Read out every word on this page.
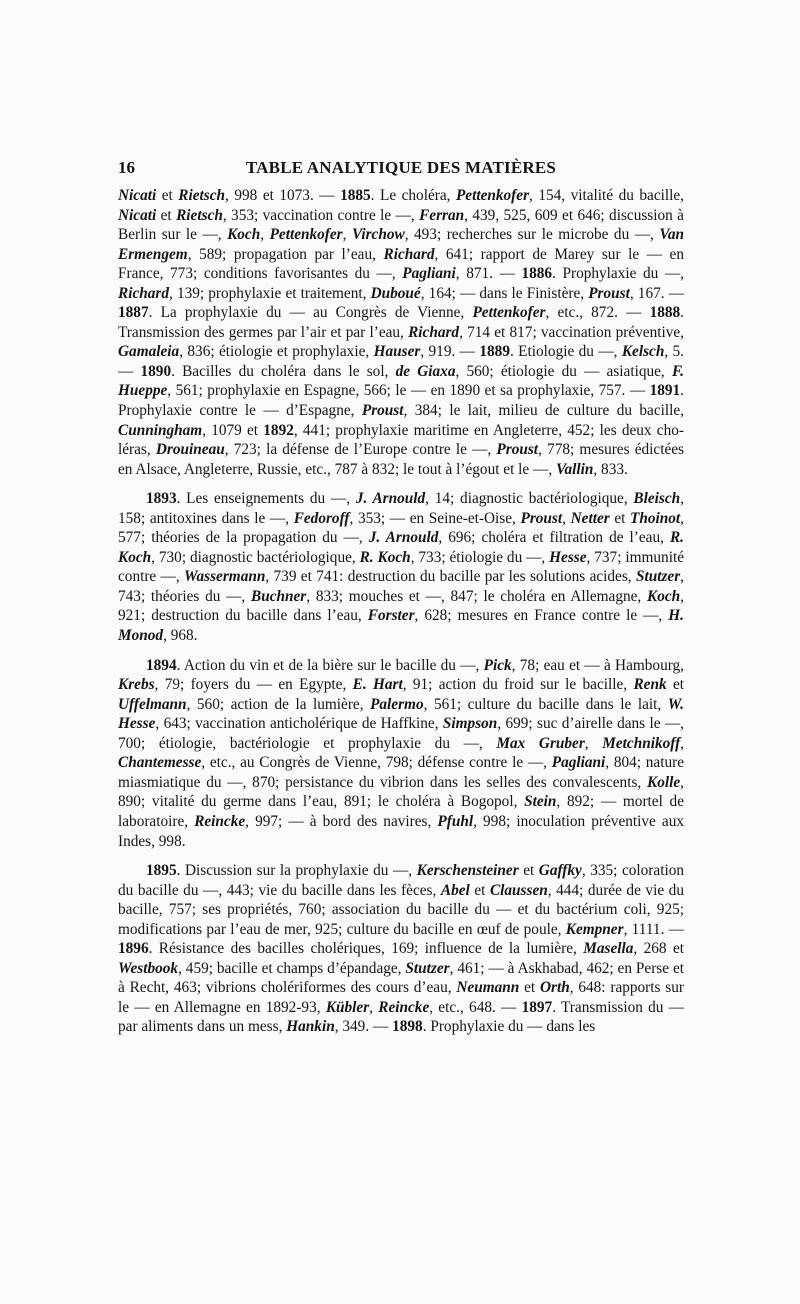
16	TABLE ANALYTIQUE DES MATIÈRES

Nicati et Rietsch, 998 et 1073. — 1885. Le choléra, Pettenkofer, 154, vitalité du bacille, Nicati et Rietsch, 353; vaccination contre le —, Ferran, 439, 525, 609 et 646; discussion à Berlin sur le —, Koch, Pettenkofer, Virchow, 493; recherches sur le microbe du —, Van Ermengem, 589; propagation par l’eau, Richard, 641; rapport de Marey sur le — en France, 773; conditions favorisantes du —, Pagliani, 871. — 1886. Prophylaxie du —, Richard, 139; prophylaxie et traitement, Duboué, 164; — dans le Finistère, Proust, 167. — 1887. La prophylaxie du — au Congrès de Vienne, Pettenkofer, etc., 872. — 1888. Transmission des germes par l’air et par l’eau, Richard, 714 et 817; vaccination préventive, Gamaleia, 836; étiologie et prophylaxie, Hauser, 919. — 1889. Etiologie du —, Kelsch, 5. — 1890. Bacilles du choléra dans le sol, de Giaxa, 560; étiologie du — asiatique, F. Hueppe, 561; prophylaxie en Espagne, 566; le — en 1890 et sa prophylaxie, 757. — 1891. Prophylaxie contre le — d’Espagne, Proust, 384; le lait, milieu de culture du bacille, Cunningham, 1079 et 1892, 441; prophylaxie maritime en Angleterre, 452; les deux choléras, Drouineau, 723; la défense de l’Europe contre le —, Proust, 778; mesures édictées en Alsace, Angleterre, Russie, etc., 787 à 832; le tout à l’égout et le —, Vallin, 833.

1893. Les enseignements du —, J. Arnould, 14; diagnostic bactériologique, Bleisch, 158; antitoxines dans le —, Fedoroff, 353; — en Seine-et-Oise, Proust, Netter et Thoinot, 577; théories de la propagation du —, J. Arnould, 696; choléra et filtration de l’eau, R. Koch, 730; diagnostic bactériologique, R. Koch, 733; étiologie du —, Hesse, 737; immunité contre —, Wassermann, 739 et 741: destruction du bacille par les solutions acides, Stutzer, 743; théories du —, Buchner, 833; mouches et —, 847; le choléra en Allemagne, Koch, 921; destruction du bacille dans l’eau, Forster, 628; mesures en France contre le —, H. Monod, 968.

1894. Action du vin et de la bière sur le bacille du —, Pick, 78; eau et — à Hambourg, Krebs, 79; foyers du — en Egypte, E. Hart, 91; action du froid sur le bacille, Renk et Uffelmann, 560; action de la lumière, Palermo, 561; culture du bacille dans le lait, W. Hesse, 643; vaccination anticholérique de Haffkine, Simpson, 699; suc d’airelle dans le —, 700; étiologie, bactériologie et prophylaxie du —, Max Gruber, Metchnikoff, Chantemesse, etc., au Congrès de Vienne, 798; défense contre le —, Pagliani, 804; nature miasmiatique du —, 870; persistance du vibrion dans les selles des convalescents, Kolle, 890; vitalité du germe dans l’eau, 891; le choléra à Bogopol, Stein, 892; — mortel de laboratoire, Reincke, 997; — à bord des navires, Pfuhl, 998; inoculation préventive aux Indes, 998.

1895. Discussion sur la prophylaxie du —, Kerschensteiner et Gaffky, 335; coloration du bacille du —, 443; vie du bacille dans les fèces, Abel et Claussen, 444; durée de vie du bacille, 757; ses propriétés, 760; association du bacille du — et du bactérium coli, 925; modifications par l’eau de mer, 925; culture du bacille en œuf de poule, Kempner, 1111. — 1896. Résistance des bacilles cholériques, 169; influence de la lumière, Masella, 268 et Westbook, 459; bacille et champs d’épandage, Stutzer, 461; — à Askhabad, 462; en Perse et à Recht, 463; vibrions cholériformes des cours d’eau, Neumann et Orth, 648: rapports sur le — en Allemagne en 1892-93, Kübler, Reincke, etc., 648. — 1897. Transmission du — par aliments dans un mess, Hankin, 349. — 1898. Prophylaxie du — dans les
